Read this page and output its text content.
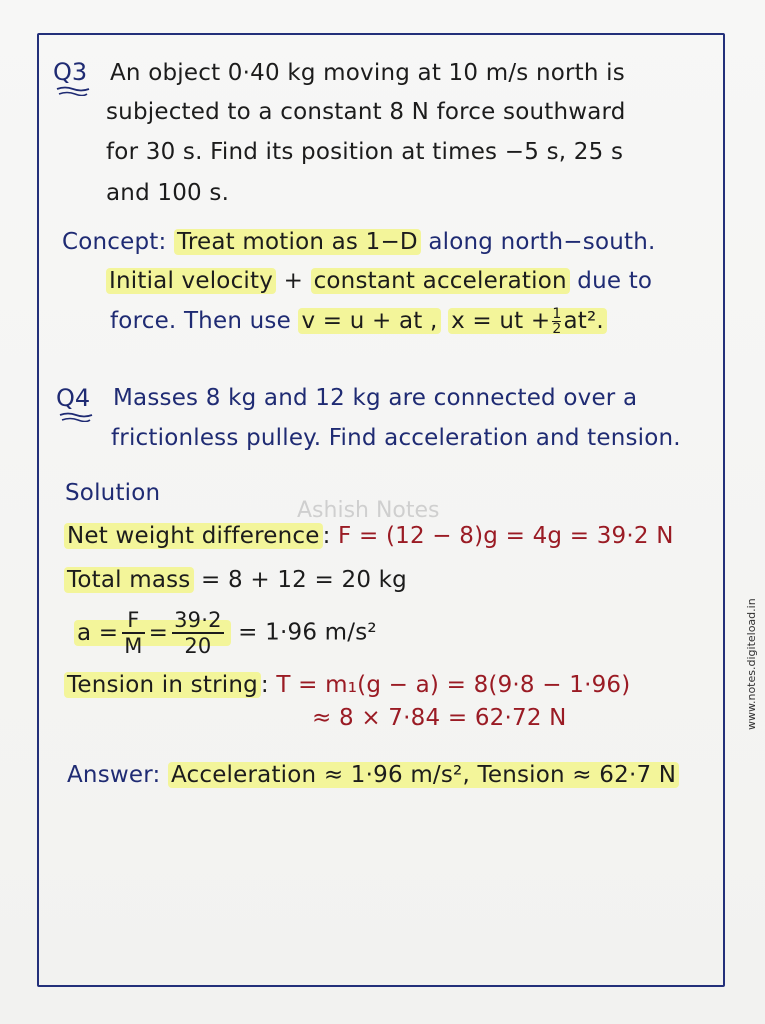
Q3 An object 0·40 kg moving at 10 m/s north is
subjected to a constant 8 N force southward
for 30 s. Find its position at times −5 s, 25 s
and 100 s.
Concept: Treat motion as 1−D along north−south.
Initial velocity + constant acceleration due to
force. Then use v = u + at , x = ut + $\frac{1}{2} at^2$.
Q4 Masses 8 kg and 12 kg are connected over a
frictionless pulley. Find acceleration and tension.
Solution
Ashish Notes
Net weight difference : F = (12 − 8)g = 4g = 39·2 N
Total mass = 8 + 12 = 20 kg
$a = \frac{F}{M} = \frac{39\cdot 2}{20} = 1\cdot 96$ m/s²
Tension in string : T = m₁(g − a) = 8(9·8 − 1·96)
≈ 8 × 7·84 = 62·72 N
Answer: Acceleration ≈ 1·96 m/s², Tension ≈ 62·7 N
www.notes.digiteload.in
